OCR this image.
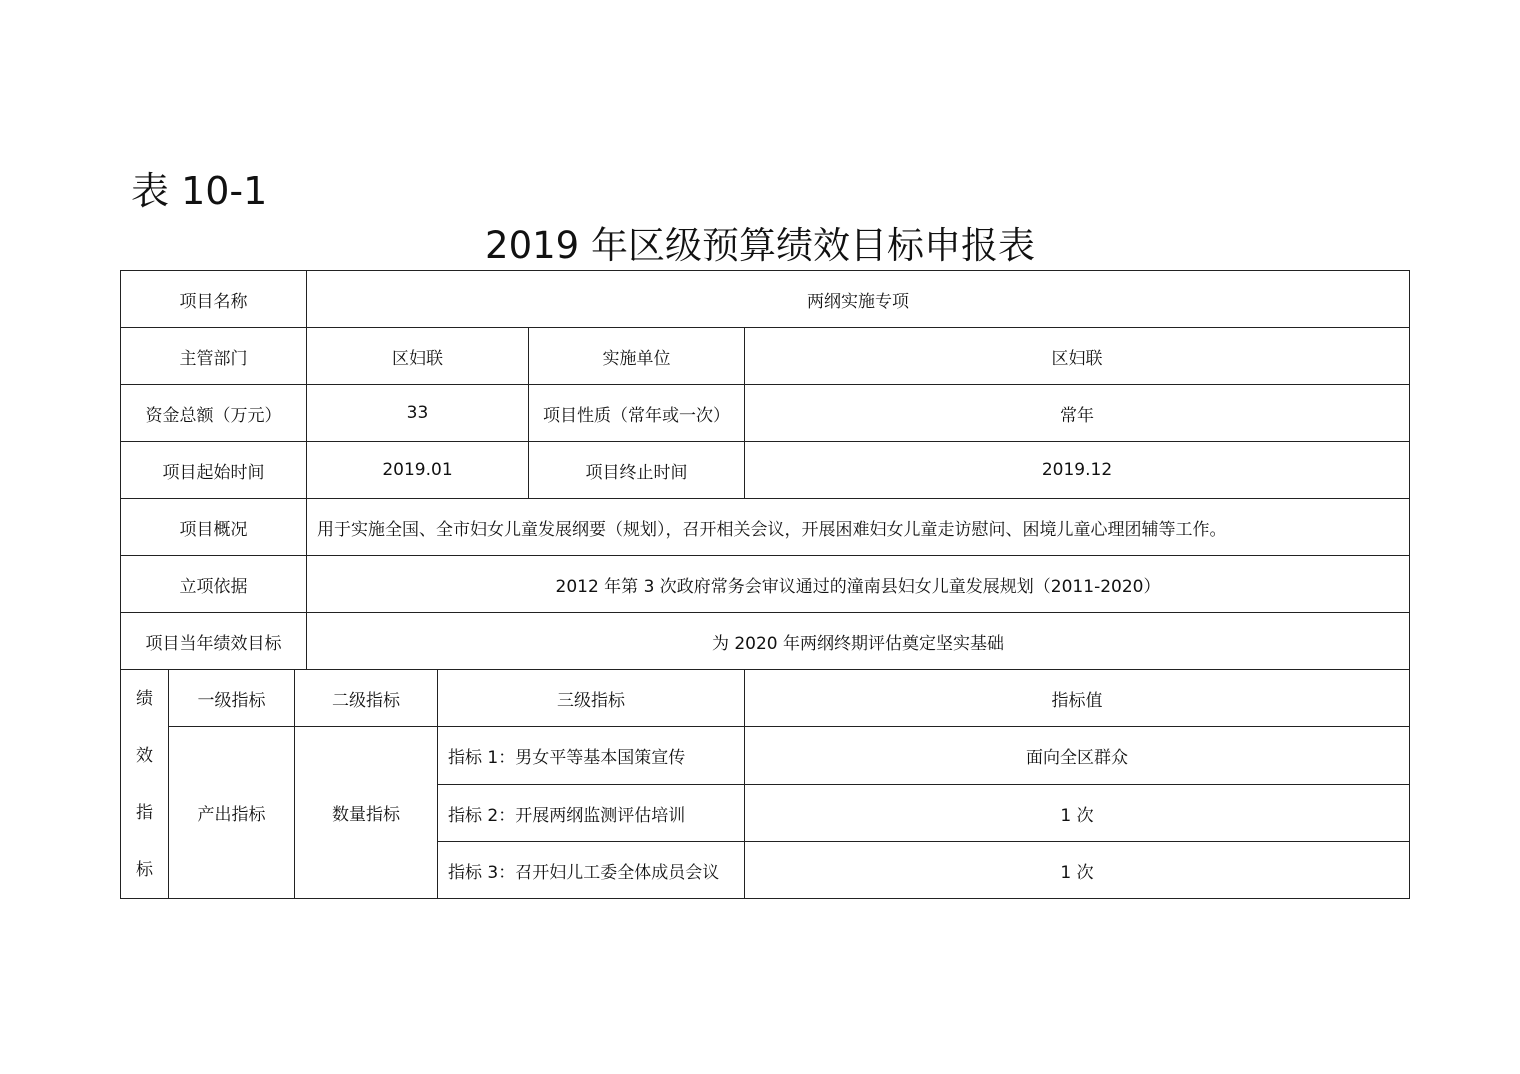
表 10-1
2019 年区级预算绩效目标申报表
项目名称			两纲实施专项			
主管部门			区妇联		实施单位	区妇联
资金总额（万元）			33		项目性质（常年或一次）	常年
项目起始时间			2019.01		项目终止时间	2019.12
项目概况			用于实施全国、全市妇女儿童发展纲要（规划），召开相关会议，开展困难妇女儿童走访慰问、困境儿童心理团辅等工作。			
立项依据			2012 年第 3 次政府常务会审议通过的潼南县妇女儿童发展规划（2011-2020）			
项目当年绩效目标			为 2020 年两纲终期评估奠定坚实基础			

绩
效
指
标	一级指标	二级指标		三级指标		指标值
	产出指标	数量指标		指标 1：男女平等基本国策宣传		面向全区群众
				指标 2：开展两纲监测评估培训		1 次
				指标 3：召开妇儿工委全体成员会议		1 次
